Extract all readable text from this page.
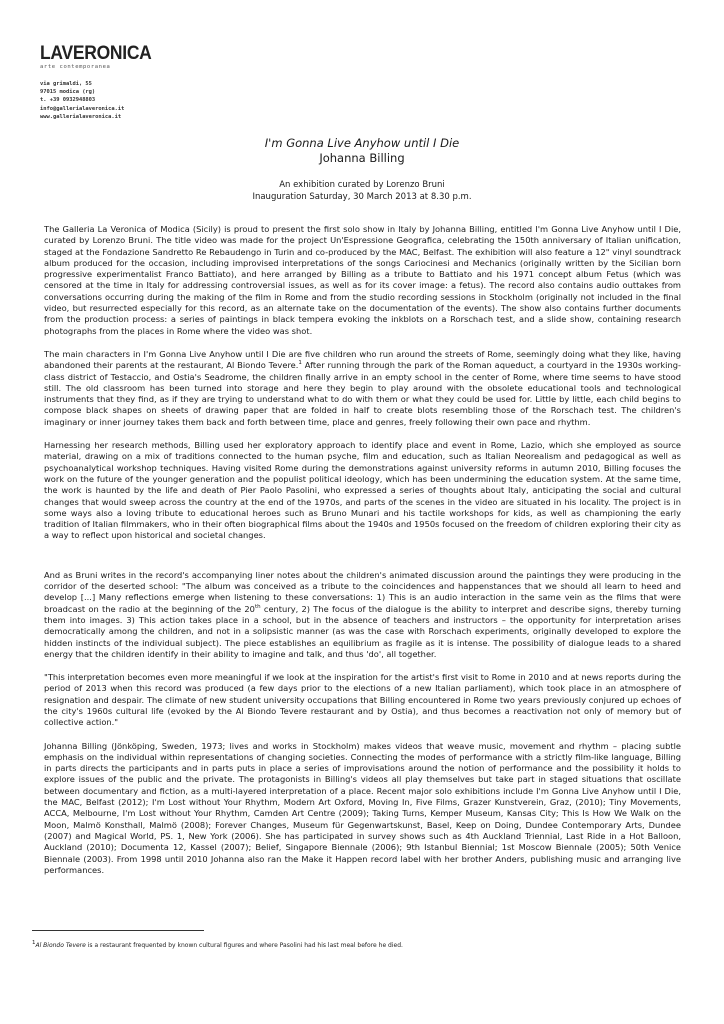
LAVERONICA
arte contemporanea
via grimaldi, 55
97015 modica (rg)
t. +39 0932948803
info@gallerialaveronica.it
www.gallerialaveronica.it
I'm Gonna Live Anyhow until I Die
Johanna Billing
An exhibition curated by Lorenzo Bruni
Inauguration Saturday, 30 March 2013 at 8.30 p.m.

The Galleria La Veronica of Modica (Sicily) is proud to present the first solo show in Italy by Johanna Billing, entitled I'm Gonna Live Anyhow until I Die, curated by Lorenzo Bruni. The title video was made for the project Un'Espressione Geografica, celebrating the 150th anniversary of Italian unification, staged at the Fondazione Sandretto Re Rebaudengo in Turin and co-produced by the MAC, Belfast. The exhibition will also feature a 12" vinyl soundtrack album produced for the occasion, including improvised interpretations of the songs Cariocinesi and Mechanics (originally written by the Sicilian born progressive experimentalist Franco Battiato), and here arranged by Billing as a tribute to Battiato and his 1971 concept album Fetus (which was censored at the time in Italy for addressing controversial issues, as well as for its cover image: a fetus). The record also contains audio outtakes from conversations occurring during the making of the film in Rome and from the studio recording sessions in Stockholm (originally not included in the final video, but resurrected especially for this record, as an alternate take on the documentation of the events). The show also contains further documents from the production process: a series of paintings in black tempera evoking the inkblots on a Rorschach test, and a slide show, containing research photographs from the places in Rome where the video was shot.

The main characters in I'm Gonna Live Anyhow until I Die are five children who run around the streets of Rome, seemingly doing what they like, having abandoned their parents at the restaurant, Al Biondo Tevere.$^1$ After running through the park of the Roman aqueduct, a courtyard in the 1930s working-class district of Testaccio, and Ostia's Seadrome, the children finally arrive in an empty school in the center of Rome, where time seems to have stood still. The old classroom has been turned into storage and here they begin to play around with the obsolete educational tools and technological instruments that they find, as if they are trying to understand what to do with them or what they could be used for. Little by little, each child begins to compose black shapes on sheets of drawing paper that are folded in half to create blots resembling those of the Rorschach test. The children's imaginary or inner journey takes them back and forth between time, place and genres, freely following their own pace and rhythm.

Harnessing her research methods, Billing used her exploratory approach to identify place and event in Rome, Lazio, which she employed as source material, drawing on a mix of traditions connected to the human psyche, film and education, such as Italian Neorealism and pedagogical as well as psychoanalytical workshop techniques. Having visited Rome during the demonstrations against university reforms in autumn 2010, Billing focuses the work on the future of the younger generation and the populist political ideology, which has been undermining the education system. At the same time, the work is haunted by the life and death of Pier Paolo Pasolini, who expressed a series of thoughts about Italy, anticipating the social and cultural changes that would sweep across the country at the end of the 1970s, and parts of the scenes in the video are situated in his locality. The project is in some ways also a loving tribute to educational heroes such as Bruno Munari and his tactile workshops for kids, as well as championing the early tradition of Italian filmmakers, who in their often biographical films about the 1940s and 1950s focused on the freedom of children exploring their city as a way to reflect upon historical and societal changes.

And as Bruni writes in the record's accompanying liner notes about the children's animated discussion around the paintings they were producing in the corridor of the deserted school: "The album was conceived as a tribute to the coincidences and happenstances that we should all learn to heed and develop [...] Many reflections emerge when listening to these conversations: 1) This is an audio interaction in the same vein as the films that were broadcast on the radio at the beginning of the 20th century, 2) The focus of the dialogue is the ability to interpret and describe signs, thereby turning them into images. 3) This action takes place in a school, but in the absence of teachers and instructors – the opportunity for interpretation arises democratically among the children, and not in a solipsistic manner (as was the case with Rorschach experiments, originally developed to explore the hidden instincts of the individual subject). The piece establishes an equilibrium as fragile as it is intense. The possibility of dialogue leads to a shared energy that the children identify in their ability to imagine and talk, and thus 'do', all together.

"This interpretation becomes even more meaningful if we look at the inspiration for the artist's first visit to Rome in 2010 and at news reports during the period of 2013 when this record was produced (a few days prior to the elections of a new Italian parliament), which took place in an atmosphere of resignation and despair. The climate of new student university occupations that Billing encountered in Rome two years previously conjured up echoes of the city's 1960s cultural life (evoked by the Al Biondo Tevere restaurant and by Ostia), and thus becomes a reactivation not only of memory but of collective action."

Johanna Billing (Jönköping, Sweden, 1973; lives and works in Stockholm) makes videos that weave music, movement and rhythm – placing subtle emphasis on the individual within representations of changing societies. Connecting the modes of performance with a strictly film-like language, Billing in parts directs the participants and in parts puts in place a series of improvisations around the notion of performance and the possibility it holds to explore issues of the public and the private. The protagonists in Billing's videos all play themselves but take part in staged situations that oscillate between documentary and fiction, as a multi-layered interpretation of a place. Recent major solo exhibitions include I'm Gonna Live Anyhow until I Die, the MAC, Belfast (2012); I'm Lost without Your Rhythm, Modern Art Oxford, Moving In, Five Films, Grazer Kunstverein, Graz, (2010); Tiny Movements, ACCA, Melbourne, I'm Lost without Your Rhythm, Camden Art Centre (2009); Taking Turns, Kemper Museum, Kansas City; This Is How We Walk on the Moon, Malmö Konsthall, Malmö (2008); Forever Changes, Museum für Gegenwartskunst, Basel, Keep on Doing, Dundee Contemporary Arts, Dundee (2007) and Magical World, PS. 1, New York (2006). She has participated in survey shows such as 4th Auckland Triennial, Last Ride in a Hot Balloon, Auckland (2010); Documenta 12, Kassel (2007); Belief, Singapore Biennale (2006); 9th Istanbul Biennial; 1st Moscow Biennale (2005); 50th Venice Biennale (2003). From 1998 until 2010 Johanna also ran the Make it Happen record label with her brother Anders, publishing music and arranging live performances.

$^1$Al Biondo Tevere is a restaurant frequented by known cultural figures and where Pasolini had his last meal before he died.
